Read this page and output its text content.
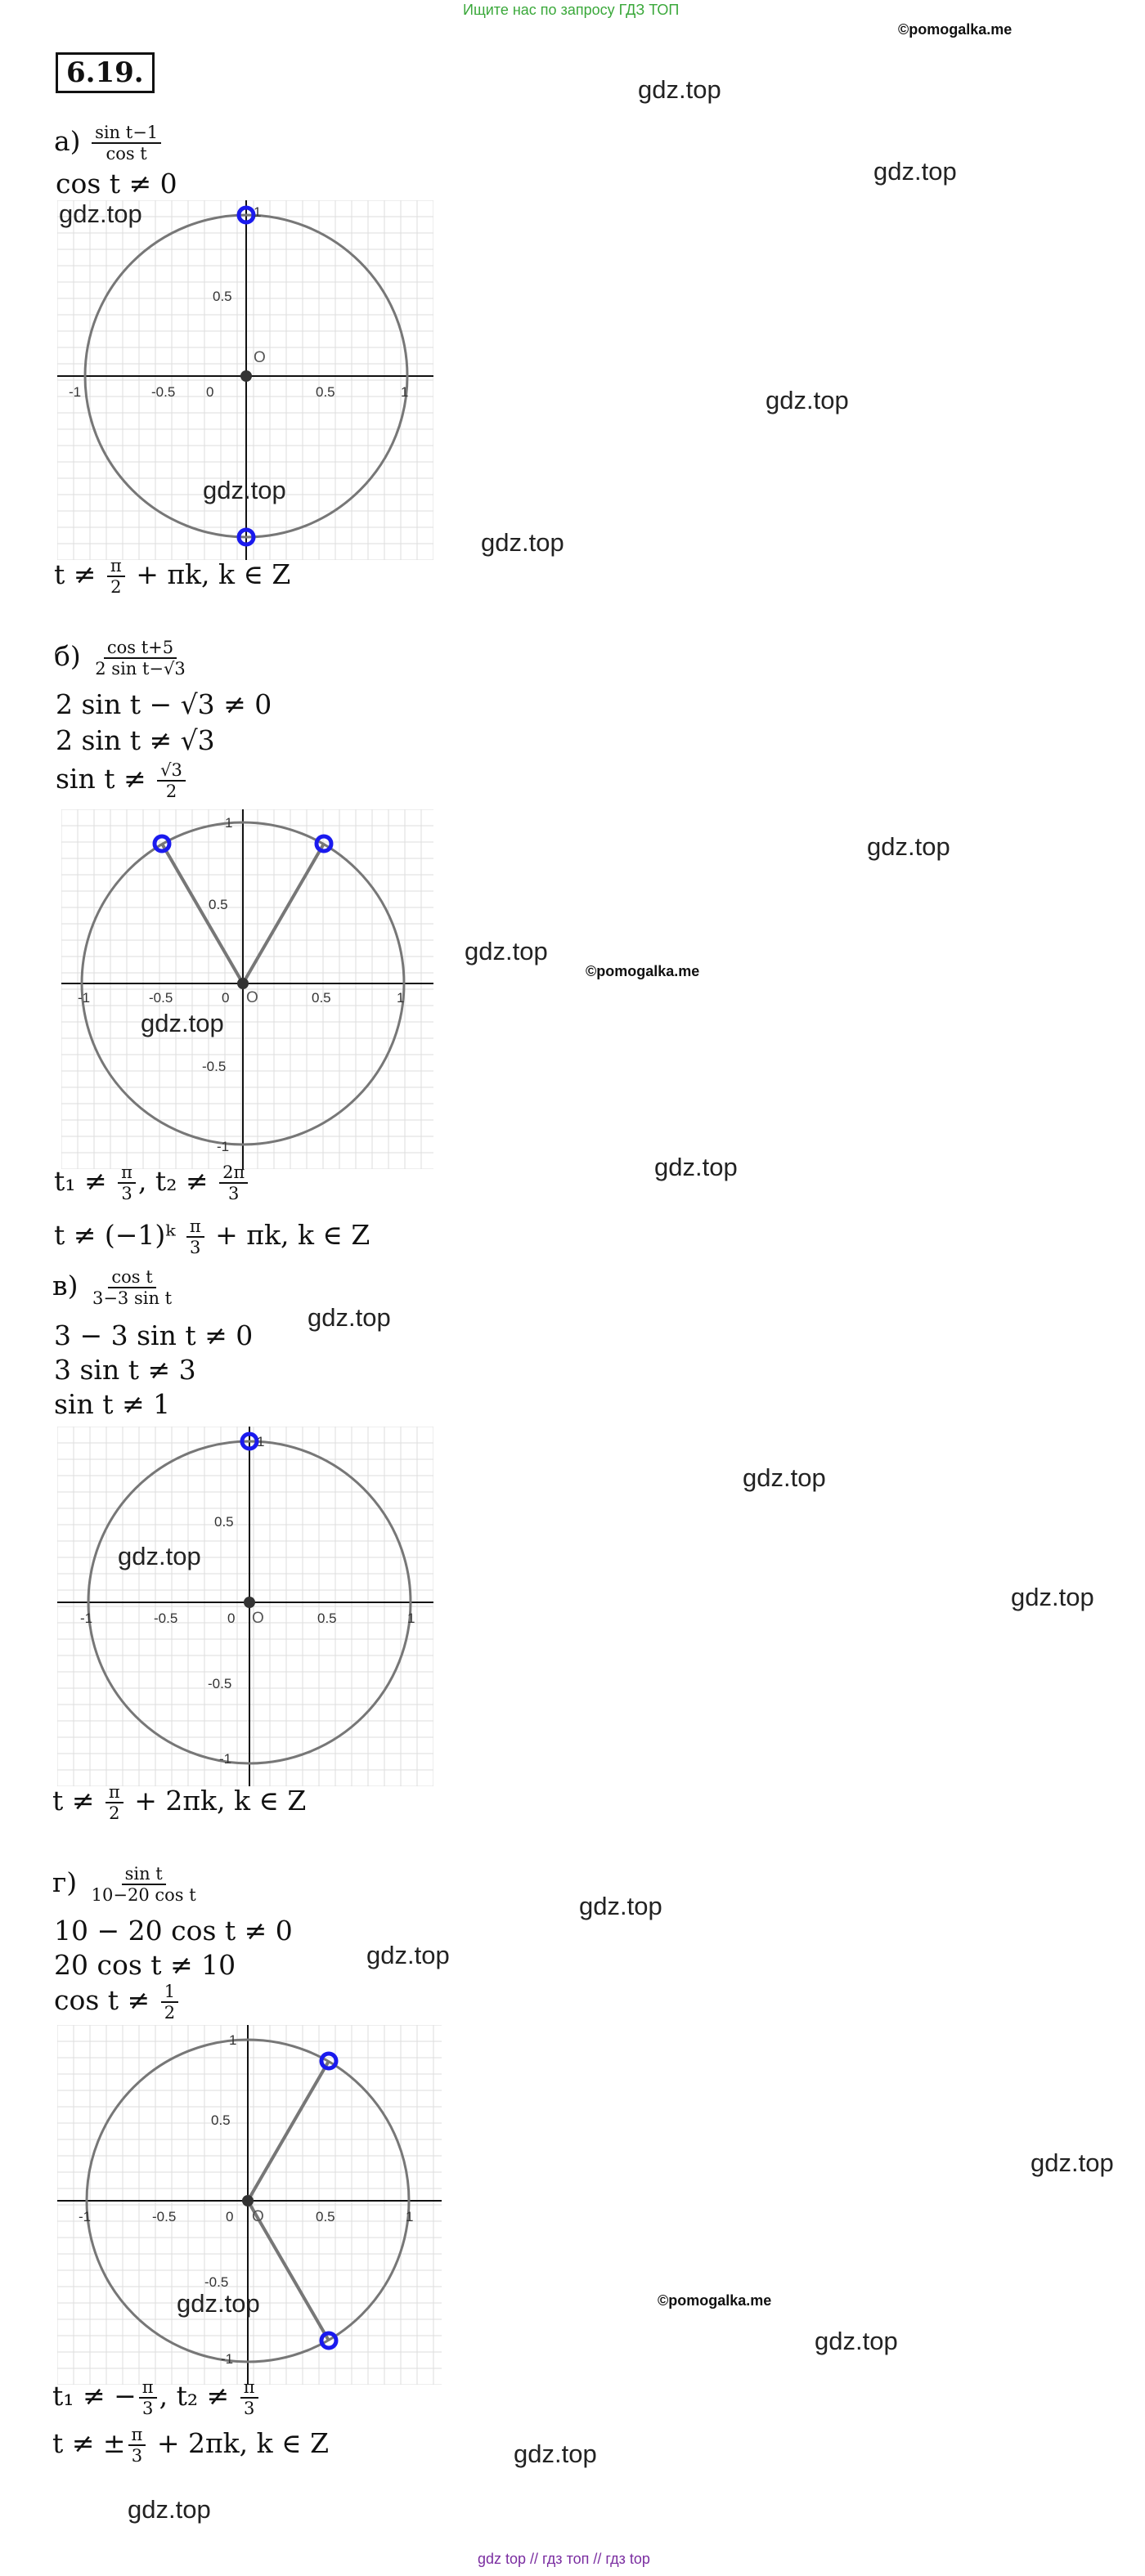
Ищите нас по запросу ГДЗ ТОП
©pomogalka.me
6.19.
$а) \frac{\text{sin t−1}}{\text{cos t}}$
cos t ≠ 0
1
0.5
0
O
-1	-0.5	0.5	1
$t \ne \frac{\pi}{2} + \pi k$, k ∈ Z
$б) \frac{\text{cos t+5}}{\text{2 sin t−√3}}$
2 sin t − √3 ≠ 0
2 sin t ≠ √3
$\sin t \ne \frac{√3}{2}$
1
0.5
0 O
-1	-0.5	0.5	1
-0.5
-1
$t_1 \ne \frac{\pi}{3}$ , $t_2 \ne \frac{2\pi}{3}$
t ≠ (−1)ᵏ $\frac{\pi}{3} + \pi k$, k ∈ Z
$в) \frac{\text{cos t}}{\text{3−3 sin t}}$
3 − 3 sin t ≠ 0
3 sin t ≠ 3
sin t ≠ 1
1
0.5
0 O
-1	-0.5	0.5	1
-0.5
-1
$t \ne \frac{\pi}{2} + 2\pi k$, k ∈ Z
$г) \frac{\text{sin t}}{\text{10−20 cos t}}$
10 − 20 cos t ≠ 0
20 cos t ≠ 10
$\cos t \ne \frac{1}{2}$
1
0.5
0 O
-1	-0.5	0.5	1
-0.5
-1
t₁ ≠ − $\frac{\pi}{3}$ , $t_2 \ne \frac{\pi}{3}$
t ≠ ± $\frac{\pi}{3} + 2\pi k$, k ∈ Z
gdz.top
gdz.top
gdz.top
gdz.top
gdz.top
gdz.top
gdz.top
gdz.top
©pomogalka.me
gdz.top
gdz.top
gdz.top
gdz.top
gdz.top
gdz.top
gdz.top
gdz.top
gdz.top
©pomogalka.me
gdz.top
gdz.top
gdz.top
gdz.top
gdz top // гдз топ // гдз top
